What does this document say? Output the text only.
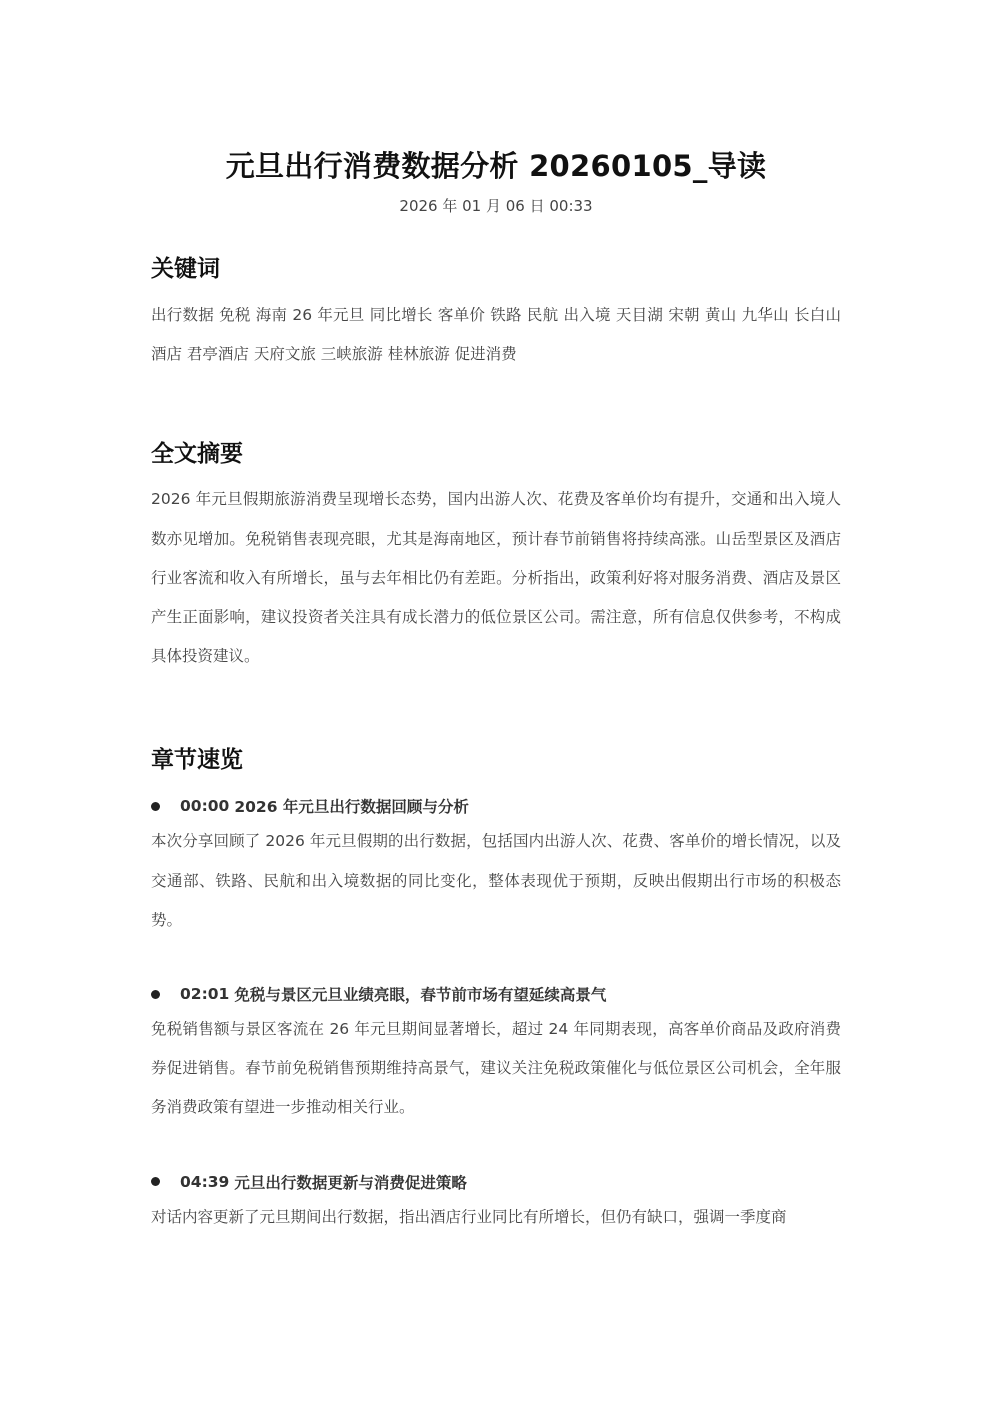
元旦出行消费数据分析 20260105_导读
2026 年 01 月 06 日 00:33
关键词

出行数据 免税 海南 26 年元旦 同比增长 客单价 铁路 民航 出入境 天目湖 宋朝 黄山 九华山 长白山 酒店 君亭酒店 天府文旅 三峡旅游 桂林旅游 促进消费

全文摘要

2026 年元旦假期旅游消费呈现增长态势，国内出游人次、花费及客单价均有提升，交通和出入境人数亦见增加。免税销售表现亮眼，尤其是海南地区，预计春节前销售将持续高涨。山岳型景区及酒店行业客流和收入有所增长，虽与去年相比仍有差距。分析指出，政策利好将对服务消费、酒店及景区产生正面影响，建议投资者关注具有成长潜力的低位景区公司。需注意，所有信息仅供参考，不构成具体投资建议。

章节速览
00:00 2026 年元旦出行数据回顾与分析

本次分享回顾了 2026 年元旦假期的出行数据，包括国内出游人次、花费、客单价的增长情况，以及交通部、铁路、民航和出入境数据的同比变化，整体表现优于预期，反映出假期出行市场的积极态势。

02:01 免税与景区元旦业绩亮眼，春节前市场有望延续高景气

免税销售额与景区客流在 26 年元旦期间显著增长，超过 24 年同期表现，高客单价商品及政府消费券促进销售。春节前免税销售预期维持高景气，建议关注免税政策催化与低位景区公司机会，全年服务消费政策有望进一步推动相关行业。

04:39 元旦出行数据更新与消费促进策略

对话内容更新了元旦期间出行数据，指出酒店行业同比有所增长，但仍有缺口，强调一季度商
